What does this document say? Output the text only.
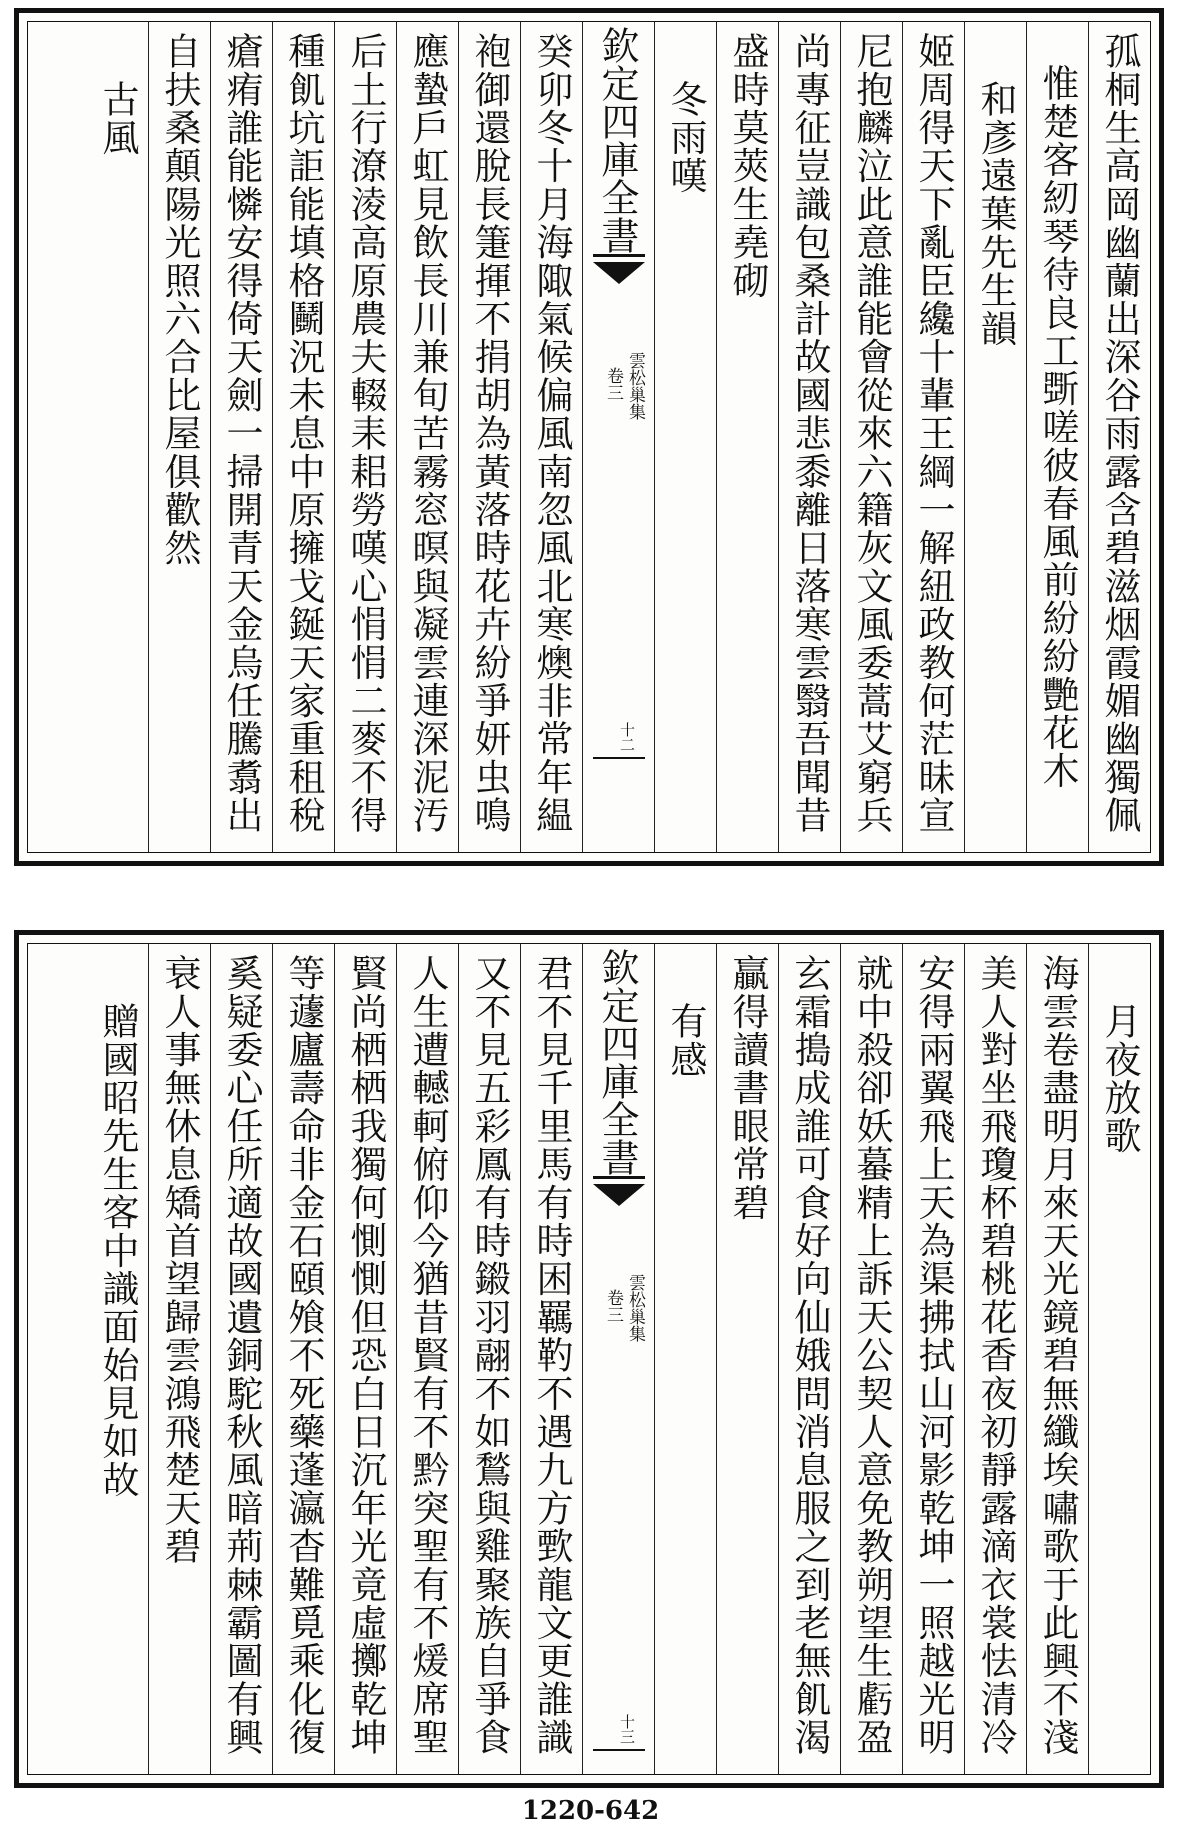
孤桐生高岡幽蘭出深谷雨露含碧滋烟霞媚幽獨佩
惟楚客紉琴待良工斲嗟彼春風前紛紛艷花木
和彥遠葉先生韻
姬周得天下亂臣纔十輩王綱一解紐政教何茫昧宣
尼抱麟泣此意誰能會從來六籍灰文風委蒿艾窮兵
尚專征豈識包桑計故國悲黍離日落寒雲翳吾聞昔
盛時莫莢生堯砌
冬雨嘆
欽定四庫全書
雲松巢集
卷三
十二
癸卯冬十月海陬氣候偏風南忽風北寒燠非常年緼
袍御還脫長箑揮不捐胡為黃落時花卉紛爭妍虫鳴
應蟄戶虹見飲長川兼旬苦霧窓暝與凝雲連深泥汚
后土行潦淩高原農夫輟耒耜勞嘆心悁悁二麥不得
種飢坑詎能填格鬭況未息中原擁戈鋋天家重租稅
瘡痏誰能憐安得倚天劍一掃開青天金烏任騰翥出
自扶桑顛陽光照六合比屋俱歡然
古風
月夜放歌
海雲卷盡明月來天光鏡碧無纖埃嘯歌于此興不淺
美人對坐飛瓊杯碧桃花香夜初靜露滴衣裳怯清冷
安得兩翼飛上天為渠拂拭山河影乾坤一照越光明
就中殺卻妖蟇精上訴天公契人意免教朔望生虧盈
玄霜搗成誰可食好向仙娥問消息服之到老無飢渴
贏得讀書眼常碧
有感
欽定四庫全書
雲松巢集
卷三
十三
君不見千里馬有時困羈靮不遇九方歅龍文更誰識
又不見五彩鳳有時鎩羽翮不如鶖與雞聚族自爭食
人生遭轗軻俯仰今猶昔賢有不黔突聖有不煖席聖
賢尚栖栖我獨何惻惻但恐白日沉年光竟虛擲乾坤
等蘧廬壽命非金石頤飧不死藥蓬瀛杳難覓乘化復
奚疑委心任所適故國遺銅駝秋風暗荊棘霸圖有興
衰人事無休息矯首望歸雲鴻飛楚天碧
贈國昭先生客中識面始見如故
1220-642
